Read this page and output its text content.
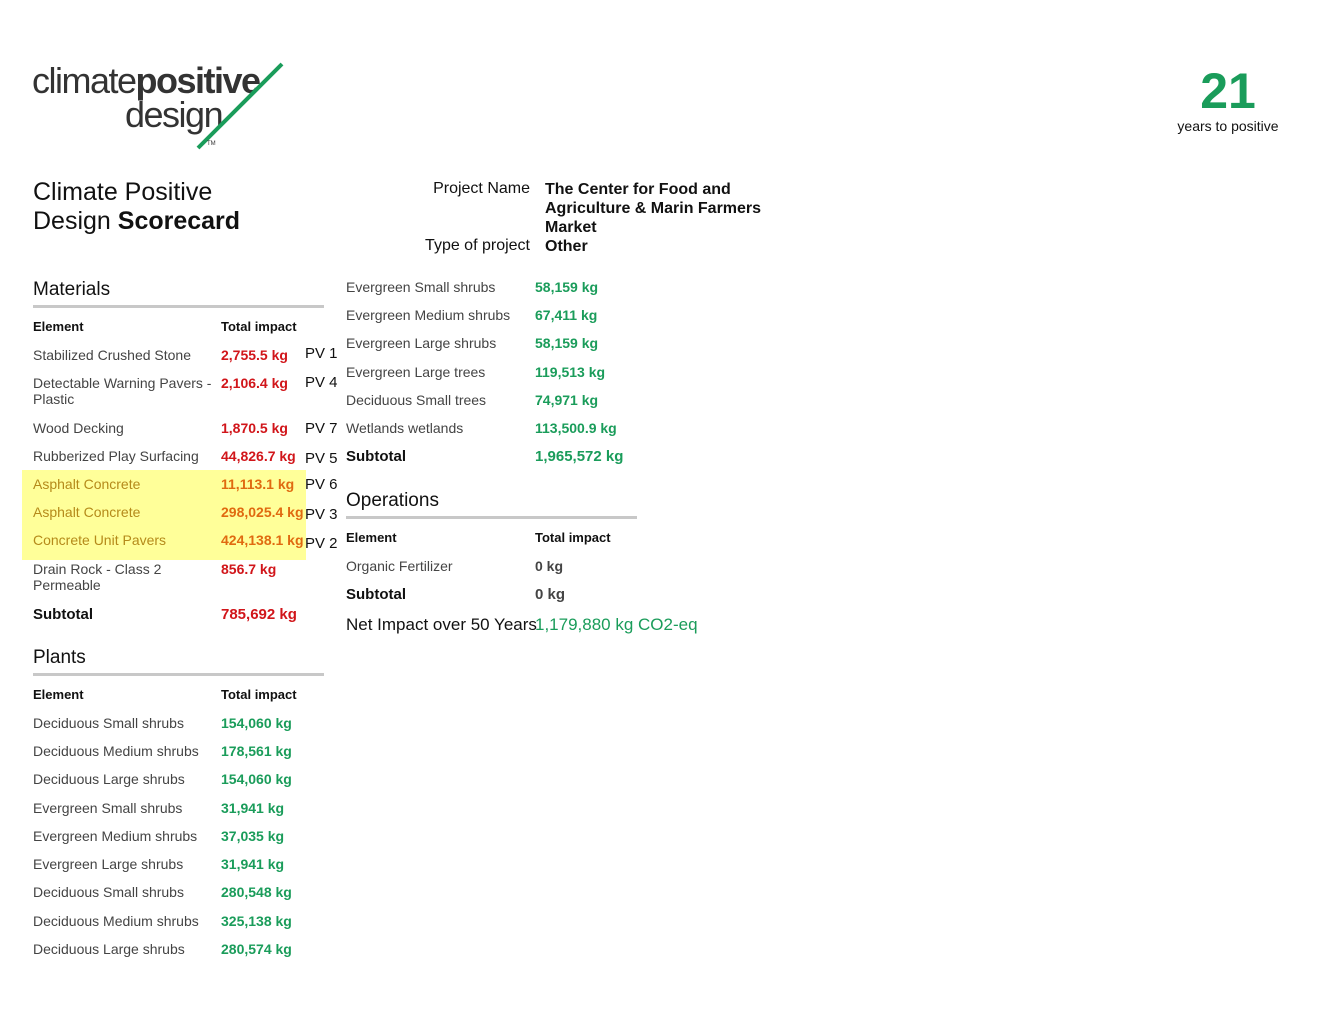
climatepositive
design
TM
21
years to positive
Climate Positive
Design Scorecard
Project Name The Center for Food and Agriculture & Marin Farmers Market
Type of project Other
Materials
Element	Total impact
Stabilized Crushed Stone 2,755.5 kg PV 1
Detectable Warning Pavers - Plastic
2,106.4 kg PV 4
Wood Decking	1,870.5 kg PV 7
Rubberized Play Surfacing 44,826.7 kg PV 5
Asphalt Concrete	11,113.1 kg PV 6
Asphalt Concrete	298,025.4 kg PV 3
Concrete Unit Pavers	424,138.1 kg PV 2
Drain Rock - Class 2 Permeable
856.7 kg
Subtotal	785,692 kg
Plants
Element	Total impact
Deciduous Small shrubs	154,060 kg
Deciduous Medium shrubs 178,561 kg
Deciduous Large shrubs	154,060 kg
Evergreen Small shrubs	31,941 kg
Evergreen Medium shrubs 37,035 kg
Evergreen Large shrubs	31,941 kg
Deciduous Small shrubs	280,548 kg
Deciduous Medium shrubs 325,138 kg
Deciduous Large shrubs	280,574 kg
Evergreen Small shrubs	58,159 kg
Evergreen Medium shrubs 67,411 kg
Evergreen Large shrubs	58,159 kg
Evergreen Large trees	119,513 kg
Deciduous Small trees	74,971 kg
Wetlands wetlands	113,500.9 kg
Subtotal	1,965,572 kg
Operations
Element	Total impact
Organic Fertilizer	0 kg
Subtotal	0 kg
Net Impact over 50 Years
1,179,880 kg CO2-eq
